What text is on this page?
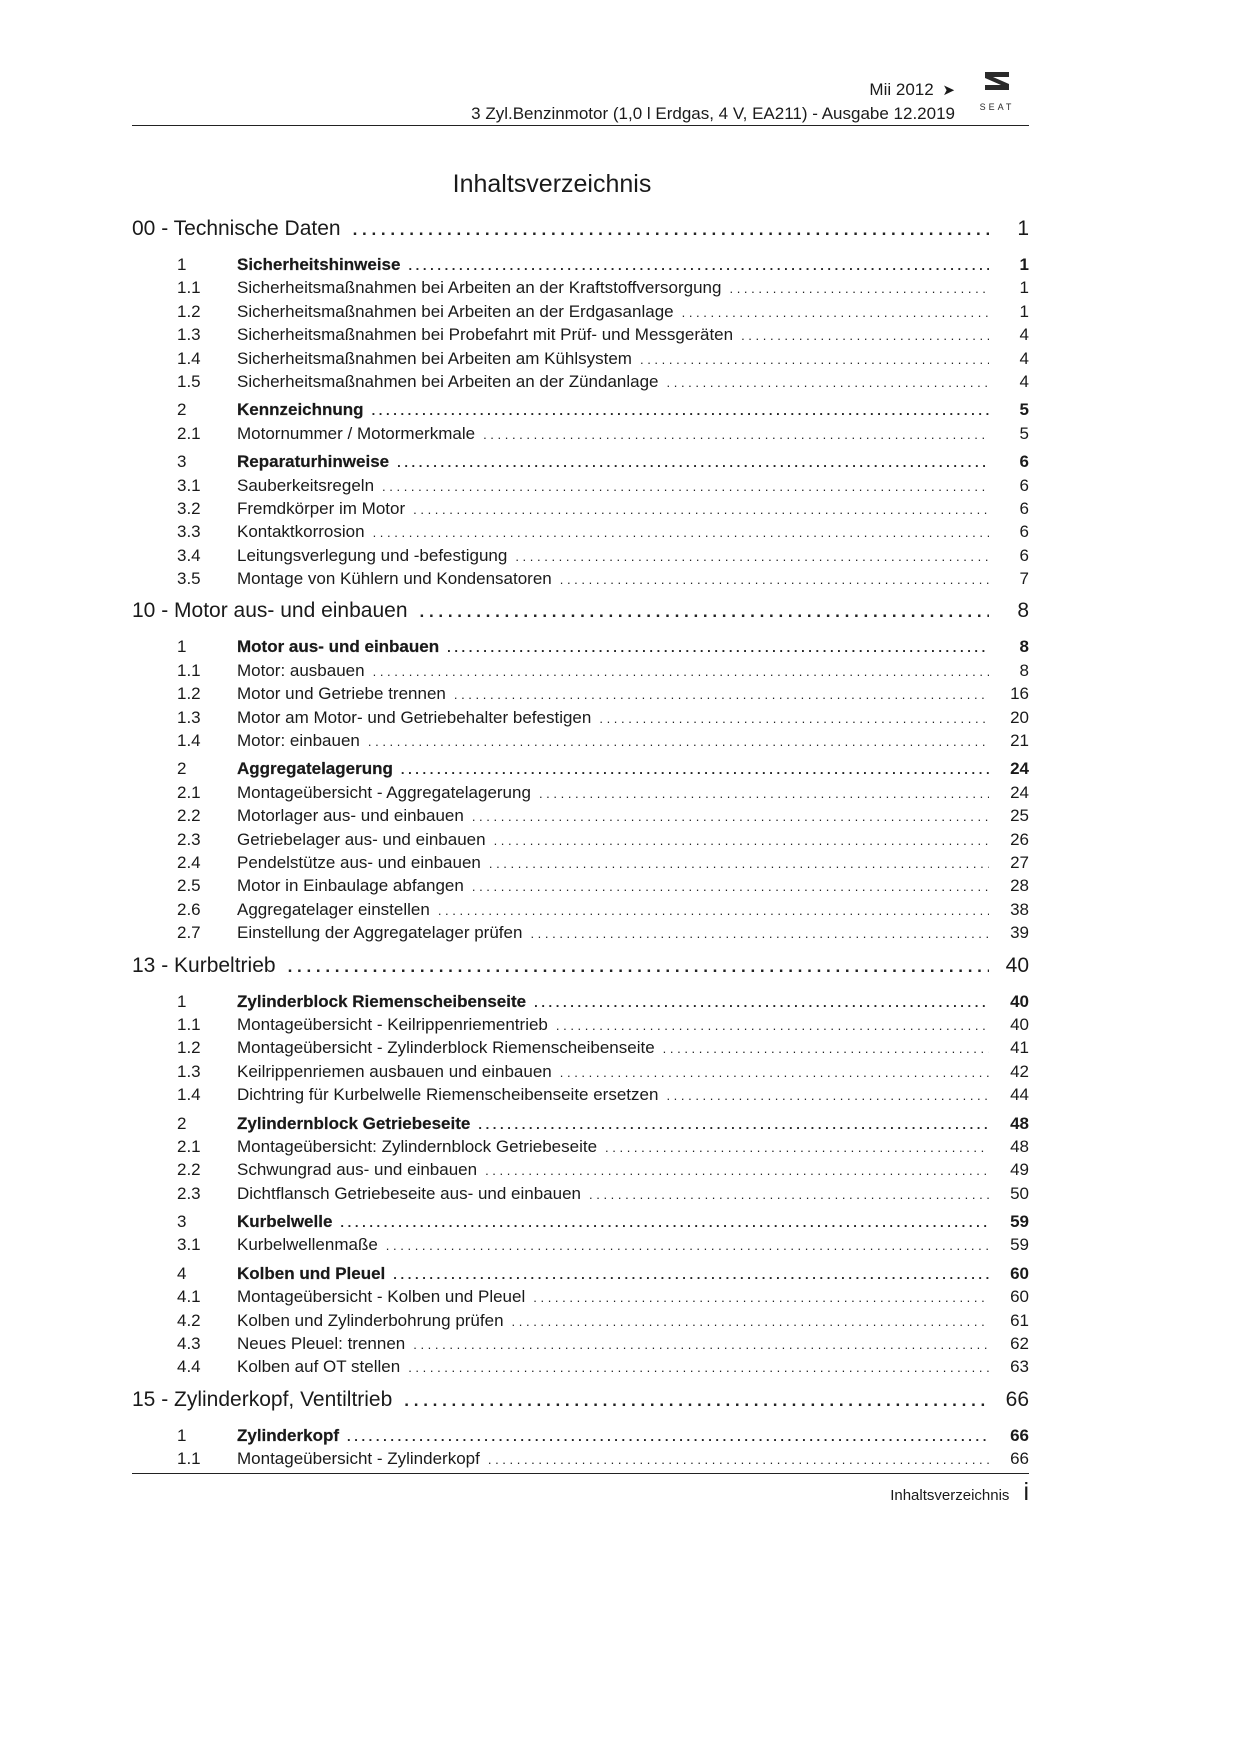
Mii 2012 ➤
3 Zyl.Benzinmotor (1,0 l Erdgas, 4 V, EA211) - Ausgabe 12.2019	SEAT
Inhaltsverzeichnis
00 - Technische Daten . . .	1
1	Sicherheitshinweise . . .	1
1.1	Sicherheitsmaßnahmen bei Arbeiten an der Kraftstoffversorgung . . .	1
1.2	Sicherheitsmaßnahmen bei Arbeiten an der Erdgasanlage . . .	1
1.3	Sicherheitsmaßnahmen bei Probefahrt mit Prüf- und Messgeräten . . .	4
1.4	Sicherheitsmaßnahmen bei Arbeiten am Kühlsystem . . .	4
1.5	Sicherheitsmaßnahmen bei Arbeiten an der Zündanlage . . .	4
2	Kennzeichnung . . .	5
2.1	Motornummer / Motormerkmale . . .	5
3	Reparaturhinweise . . .	6
3.1	Sauberkeitsregeln . . .	6
3.2	Fremdkörper im Motor . . .	6
3.3	Kontaktkorrosion . . .	6
3.4	Leitungsverlegung und -befestigung . . .	6
3.5	Montage von Kühlern und Kondensatoren . . .	7
10 - Motor aus- und einbauen . . .	8
1	Motor aus- und einbauen . . .	8
1.1	Motor: ausbauen . . .	8
1.2	Motor und Getriebe trennen . . .	16
1.3	Motor am Motor- und Getriebehalter befestigen . . .	20
1.4	Motor: einbauen . . .	21
2	Aggregatelagerung . . .	24
2.1	Montageübersicht - Aggregatelagerung . . .	24
2.2	Motorlager aus- und einbauen . . .	25
2.3	Getriebelager aus- und einbauen . . .	26
2.4	Pendelstütze aus- und einbauen . . .	27
2.5	Motor in Einbaulage abfangen . . .	28
2.6	Aggregatelager einstellen . . .	38
2.7	Einstellung der Aggregatelager prüfen . . .	39
13 - Kurbeltrieb . . .	40
1	Zylinderblock Riemenscheibenseite . . .	40
1.1	Montageübersicht - Keilrippenriementrieb . . .	40
1.2	Montageübersicht - Zylinderblock Riemenscheibenseite . . .	41
1.3	Keilrippenriemen ausbauen und einbauen . . .	42
1.4	Dichtring für Kurbelwelle Riemenscheibenseite ersetzen . . .	44
2	Zylindernblock Getriebeseite . . .	48
2.1	Montageübersicht: Zylindernblock Getriebeseite . . .	48
2.2	Schwungrad aus- und einbauen . . .	49
2.3	Dichtflansch Getriebeseite aus- und einbauen . . .	50
3	Kurbelwelle . . .	59
3.1	Kurbelwellenmaße . . .	59
4	Kolben und Pleuel . . .	60
4.1	Montageübersicht - Kolben und Pleuel . . .	60
4.2	Kolben und Zylinderbohrung prüfen . . .	61
4.3	Neues Pleuel: trennen . . .	62
4.4	Kolben auf OT stellen . . .	63
15 - Zylinderkopf, Ventiltrieb . . .	66
1	Zylinderkopf . . .	66
1.1	Montageübersicht - Zylinderkopf . . .	66
Inhaltsverzeichnis i
